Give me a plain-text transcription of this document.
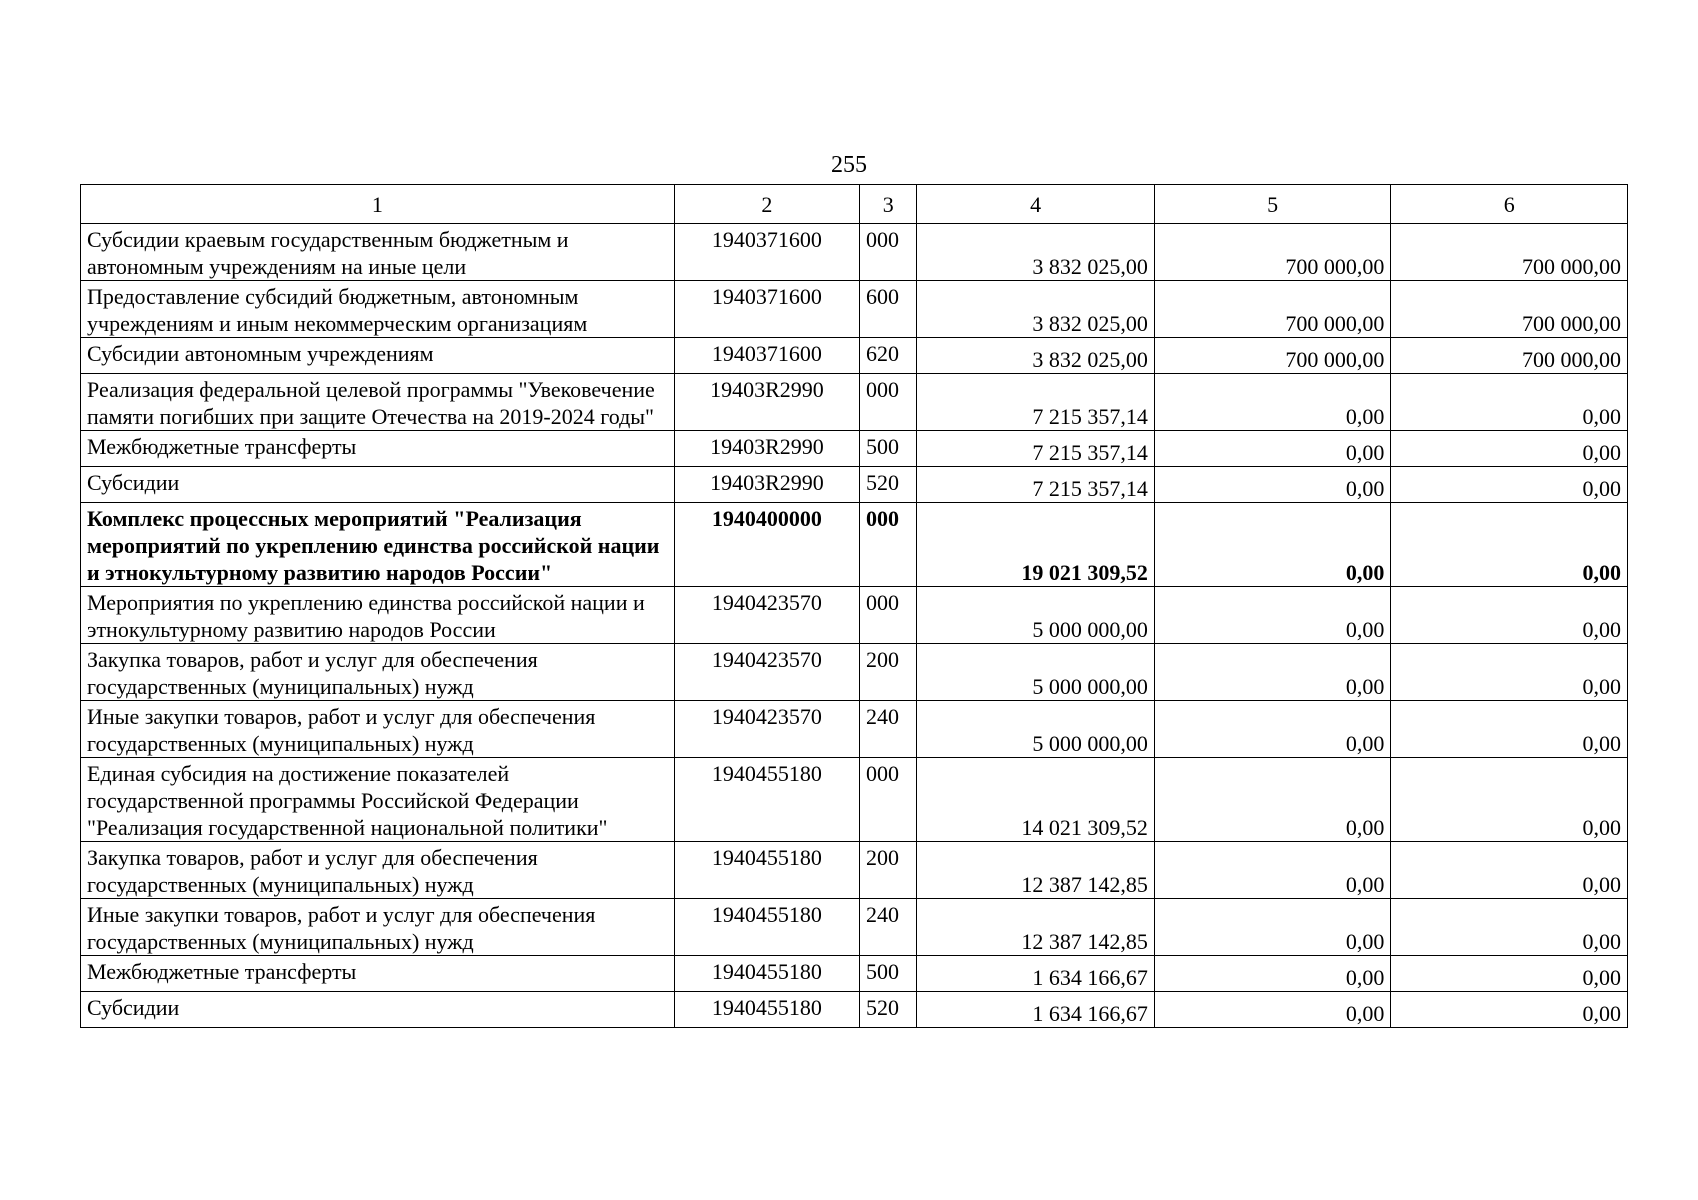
255
1	2	3	4	5	6
Субсидии краевым государственным бюджетным и автономным учреждениям на иные цели	1940371600	000	3 832 025,00	700 000,00	700 000,00
Предоставление субсидий бюджетным, автономным учреждениям и иным некоммерческим организациям	1940371600	600	3 832 025,00	700 000,00	700 000,00
Субсидии автономным учреждениям	1940371600	620	3 832 025,00	700 000,00	700 000,00
Реализация федеральной целевой программы "Увековечение памяти погибших при защите Отечества на 2019-2024 годы"	19403R2990	000	7 215 357,14	0,00	0,00
Межбюджетные трансферты	19403R2990	500	7 215 357,14	0,00	0,00
Субсидии	19403R2990	520	7 215 357,14	0,00	0,00
Комплекс процессных мероприятий "Реализация мероприятий по укреплению единства российской нации и этнокультурному развитию народов России"	1940400000	000	19 021 309,52	0,00	0,00
Мероприятия по укреплению единства российской нации и этнокультурному развитию народов России	1940423570	000	5 000 000,00	0,00	0,00
Закупка товаров, работ и услуг для обеспечения государственных (муниципальных) нужд	1940423570	200	5 000 000,00	0,00	0,00
Иные закупки товаров, работ и услуг для обеспечения государственных (муниципальных) нужд	1940423570	240	5 000 000,00	0,00	0,00
Единая субсидия на достижение показателей государственной программы Российской Федерации "Реализация государственной национальной политики"	1940455180	000	14 021 309,52	0,00	0,00
Закупка товаров, работ и услуг для обеспечения государственных (муниципальных) нужд	1940455180	200	12 387 142,85	0,00	0,00
Иные закупки товаров, работ и услуг для обеспечения государственных (муниципальных) нужд	1940455180	240	12 387 142,85	0,00	0,00
Межбюджетные трансферты	1940455180	500	1 634 166,67	0,00	0,00
Субсидии	1940455180	520	1 634 166,67	0,00	0,00
